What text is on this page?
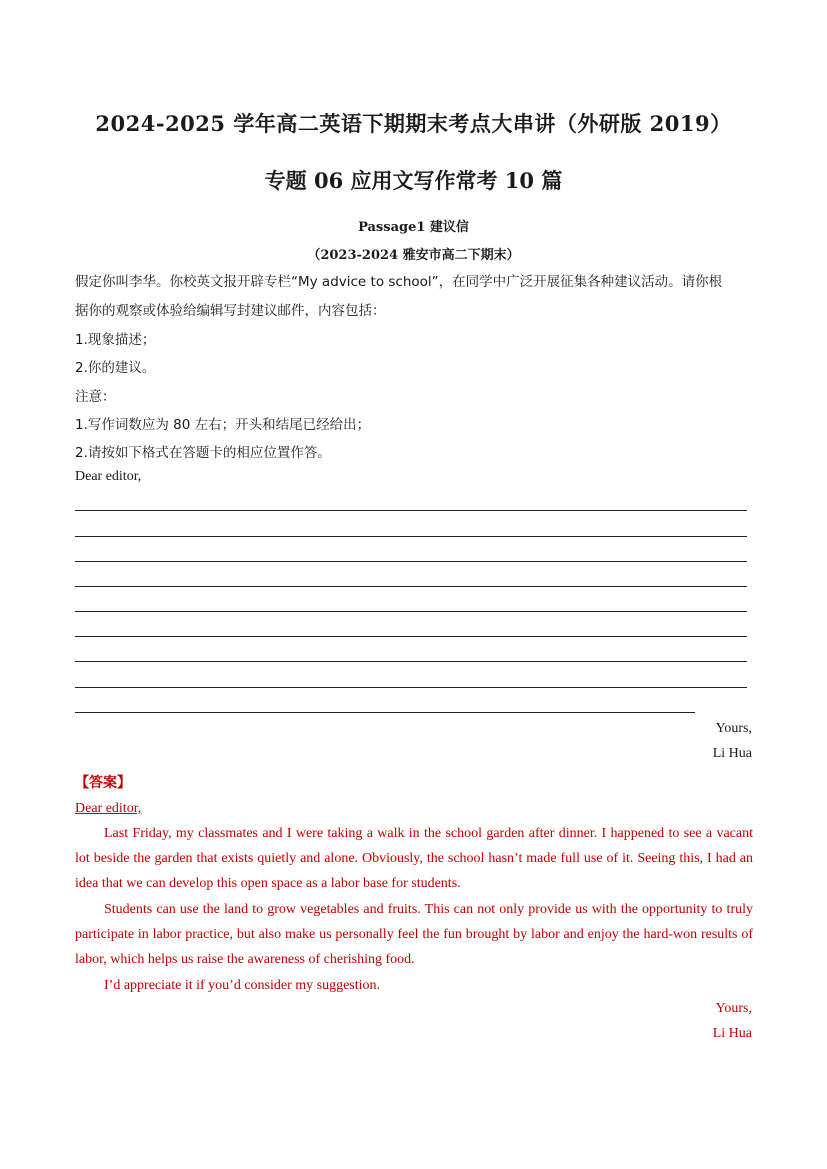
2024-2025 学年高二英语下期期末考点大串讲（外研版 2019）
专题 06 应用文写作常考 10 篇
Passage1 建议信
（2023-2024 雅安市高二下期末）
假定你叫李华。你校英文报开辟专栏“My advice to school”，在同学中广泛开展征集各种建议活动。请你根
据你的观察或体验给编辑写封建议邮件，内容包括：
1.现象描述；
2.你的建议。
注意：
1.写作词数应为 80 左右；开头和结尾已经给出；
2.请按如下格式在答题卡的相应位置作答。
Dear editor,
Yours,
Li Hua
【答案】
Dear editor,
Last Friday, my classmates and I were taking a walk in the school garden after dinner. I happened to see a vacant lot beside the garden that exists quietly and alone. Obviously, the school hasn’t made full use of it. Seeing this, I had an idea that we can develop this open space as a labor base for students.
Students can use the land to grow vegetables and fruits. This can not only provide us with the opportunity to truly participate in labor practice, but also make us personally feel the fun brought by labor and enjoy the hard-won results of labor, which helps us raise the awareness of cherishing food.
I’d appreciate it if you’d consider my suggestion.
Yours,
Li Hua
